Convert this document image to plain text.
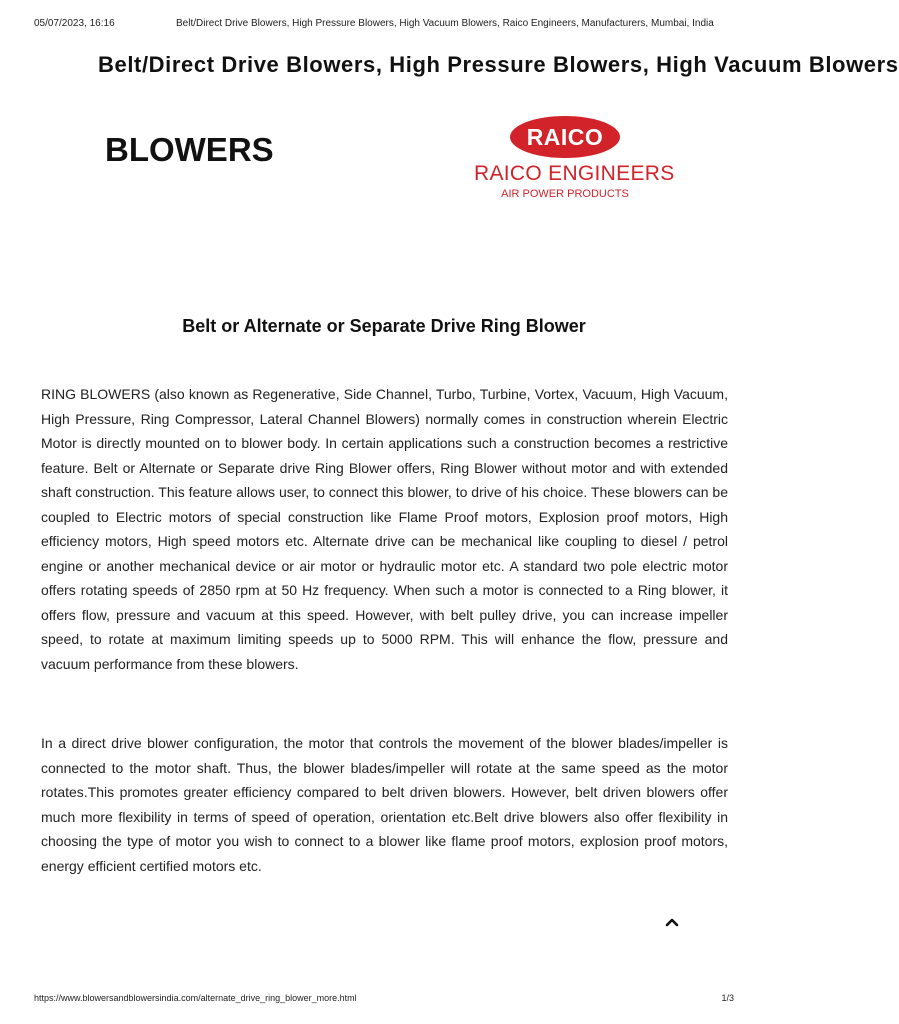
05/07/2023, 16:16	Belt/Direct Drive Blowers, High Pressure Blowers, High Vacuum Blowers, Raico Engineers, Manufacturers, Mumbai, India
Belt/Direct Drive Blowers, High Pressure Blowers, High Vacuum Blowers
BLOWERS	RAICO
RAICO ENGINEERS
AIR POWER PRODUCTS
Belt or Alternate or Separate Drive Ring Blower

RING BLOWERS (also known as Regenerative, Side Channel, Turbo, Turbine, Vortex, Vacuum, High Vacuum, High Pressure, Ring Compressor, Lateral Channel Blowers) normally comes in construction wherein Electric Motor is directly mounted on to blower body. In certain applications such a construction becomes a restrictive feature. Belt or Alternate or Separate drive Ring Blower offers, Ring Blower without motor and with extended shaft construction. This feature allows user, to connect this blower, to drive of his choice. These blowers can be coupled to Electric motors of special construction like Flame Proof motors, Explosion proof motors, High efficiency motors, High speed motors etc. Alternate drive can be mechanical like coupling to diesel / petrol engine or another mechanical device or air motor or hydraulic motor etc. A standard two pole electric motor offers rotating speeds of 2850 rpm at 50 Hz frequency. When such a motor is connected to a Ring blower, it offers flow, pressure and vacuum at this speed. However, with belt pulley drive, you can increase impeller speed, to rotate at maximum limiting speeds up to 5000 RPM. This will enhance the flow, pressure and vacuum performance from these blowers.

In a direct drive blower configuration, the motor that controls the movement of the blower blades/impeller is connected to the motor shaft. Thus, the blower blades/impeller will rotate at the same speed as the motor rotates.This promotes greater efficiency compared to belt driven blowers. However, belt driven blowers offer much more flexibility in terms of speed of operation, orientation etc.Belt drive blowers also offer flexibility in choosing the type of motor you wish to connect to a blower like flame proof motors, explosion proof motors, energy efficient certified motors etc.

https://www.blowersandblowersindia.com/alternate_drive_ring_blower_more.html	1/3
